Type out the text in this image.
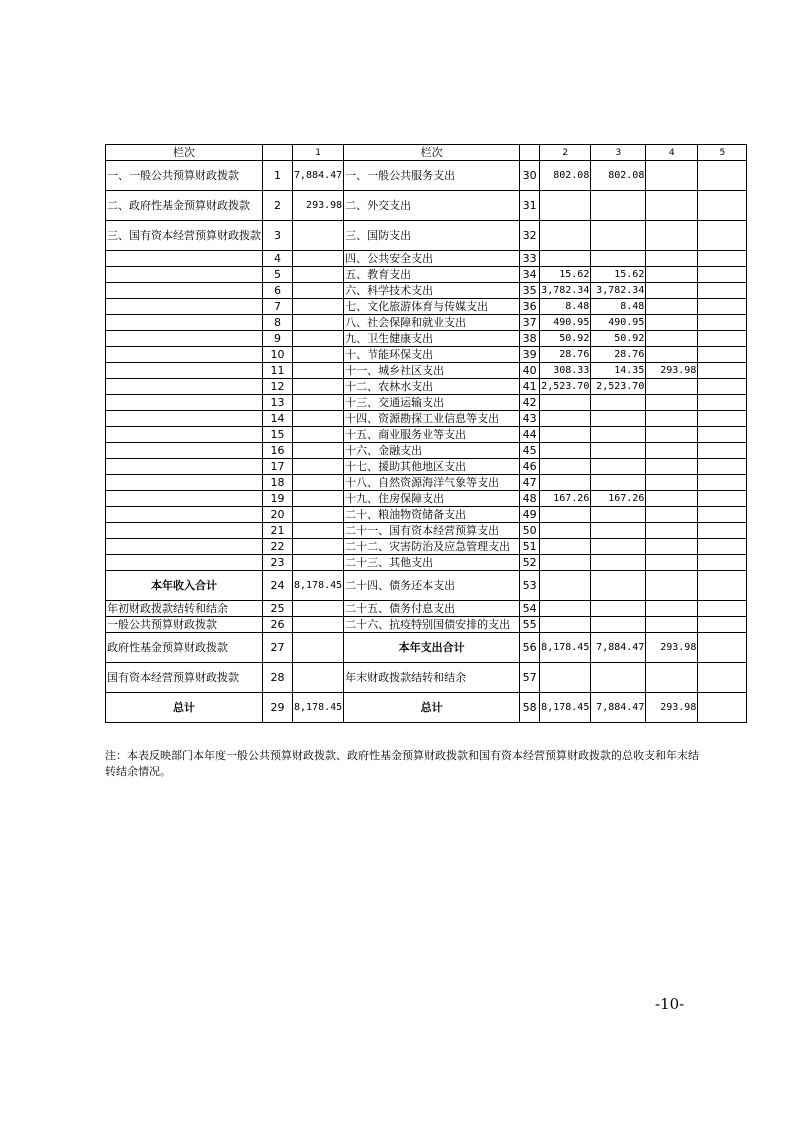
栏次		1	栏次		2	3	4	5
一、一般公共预算财政拨款	1	7,884.47	一、一般公共服务支出	30	802.08	802.08		
二、政府性基金预算财政拨款	2	293.98	二、外交支出	31				
三、国有资本经营预算财政拨款	3		三、国防支出	32				
	4		四、公共安全支出	33				
	5		五、教育支出	34	15.62	15.62		
	6		六、科学技术支出	35	3,782.34	3,782.34		
	7		七、文化旅游体育与传媒支出	36	8.48	8.48		
	8		八、社会保障和就业支出	37	490.95	490.95		
	9		九、卫生健康支出	38	50.92	50.92		
	10		十、节能环保支出	39	28.76	28.76		
	11		十一、城乡社区支出	40	308.33	14.35	293.98	
	12		十二、农林水支出	41	2,523.70	2,523.70		
	13		十三、交通运输支出	42				
	14		十四、资源勘探工业信息等支出	43				
	15		十五、商业服务业等支出	44				
	16		十六、金融支出	45				
	17		十七、援助其他地区支出	46				
	18		十八、自然资源海洋气象等支出	47				
	19		十九、住房保障支出	48	167.26	167.26		
	20		二十、粮油物资储备支出	49				
	21		二十一、国有资本经营预算支出	50				
	22		二十二、灾害防治及应急管理支出	51				
	23		二十三、其他支出	52				
本年收入合计	24	8,178.45	二十四、债务还本支出	53				
年初财政拨款结转和结余	25		二十五、债务付息支出	54				
一般公共预算财政拨款	26		二十六、抗疫特别国债安排的支出	55				
政府性基金预算财政拨款	27		本年支出合计	56	8,178.45	7,884.47	293.98	
国有资本经营预算财政拨款	28		年末财政拨款结转和结余	57				
总计	29	8,178.45	总计	58	8,178.45	7,884.47	293.98	
注：本表反映部门本年度一般公共预算财政拨款、政府性基金预算财政拨款和国有资本经营预算财政拨款的总收支和年末结转结余情况。
-10-
